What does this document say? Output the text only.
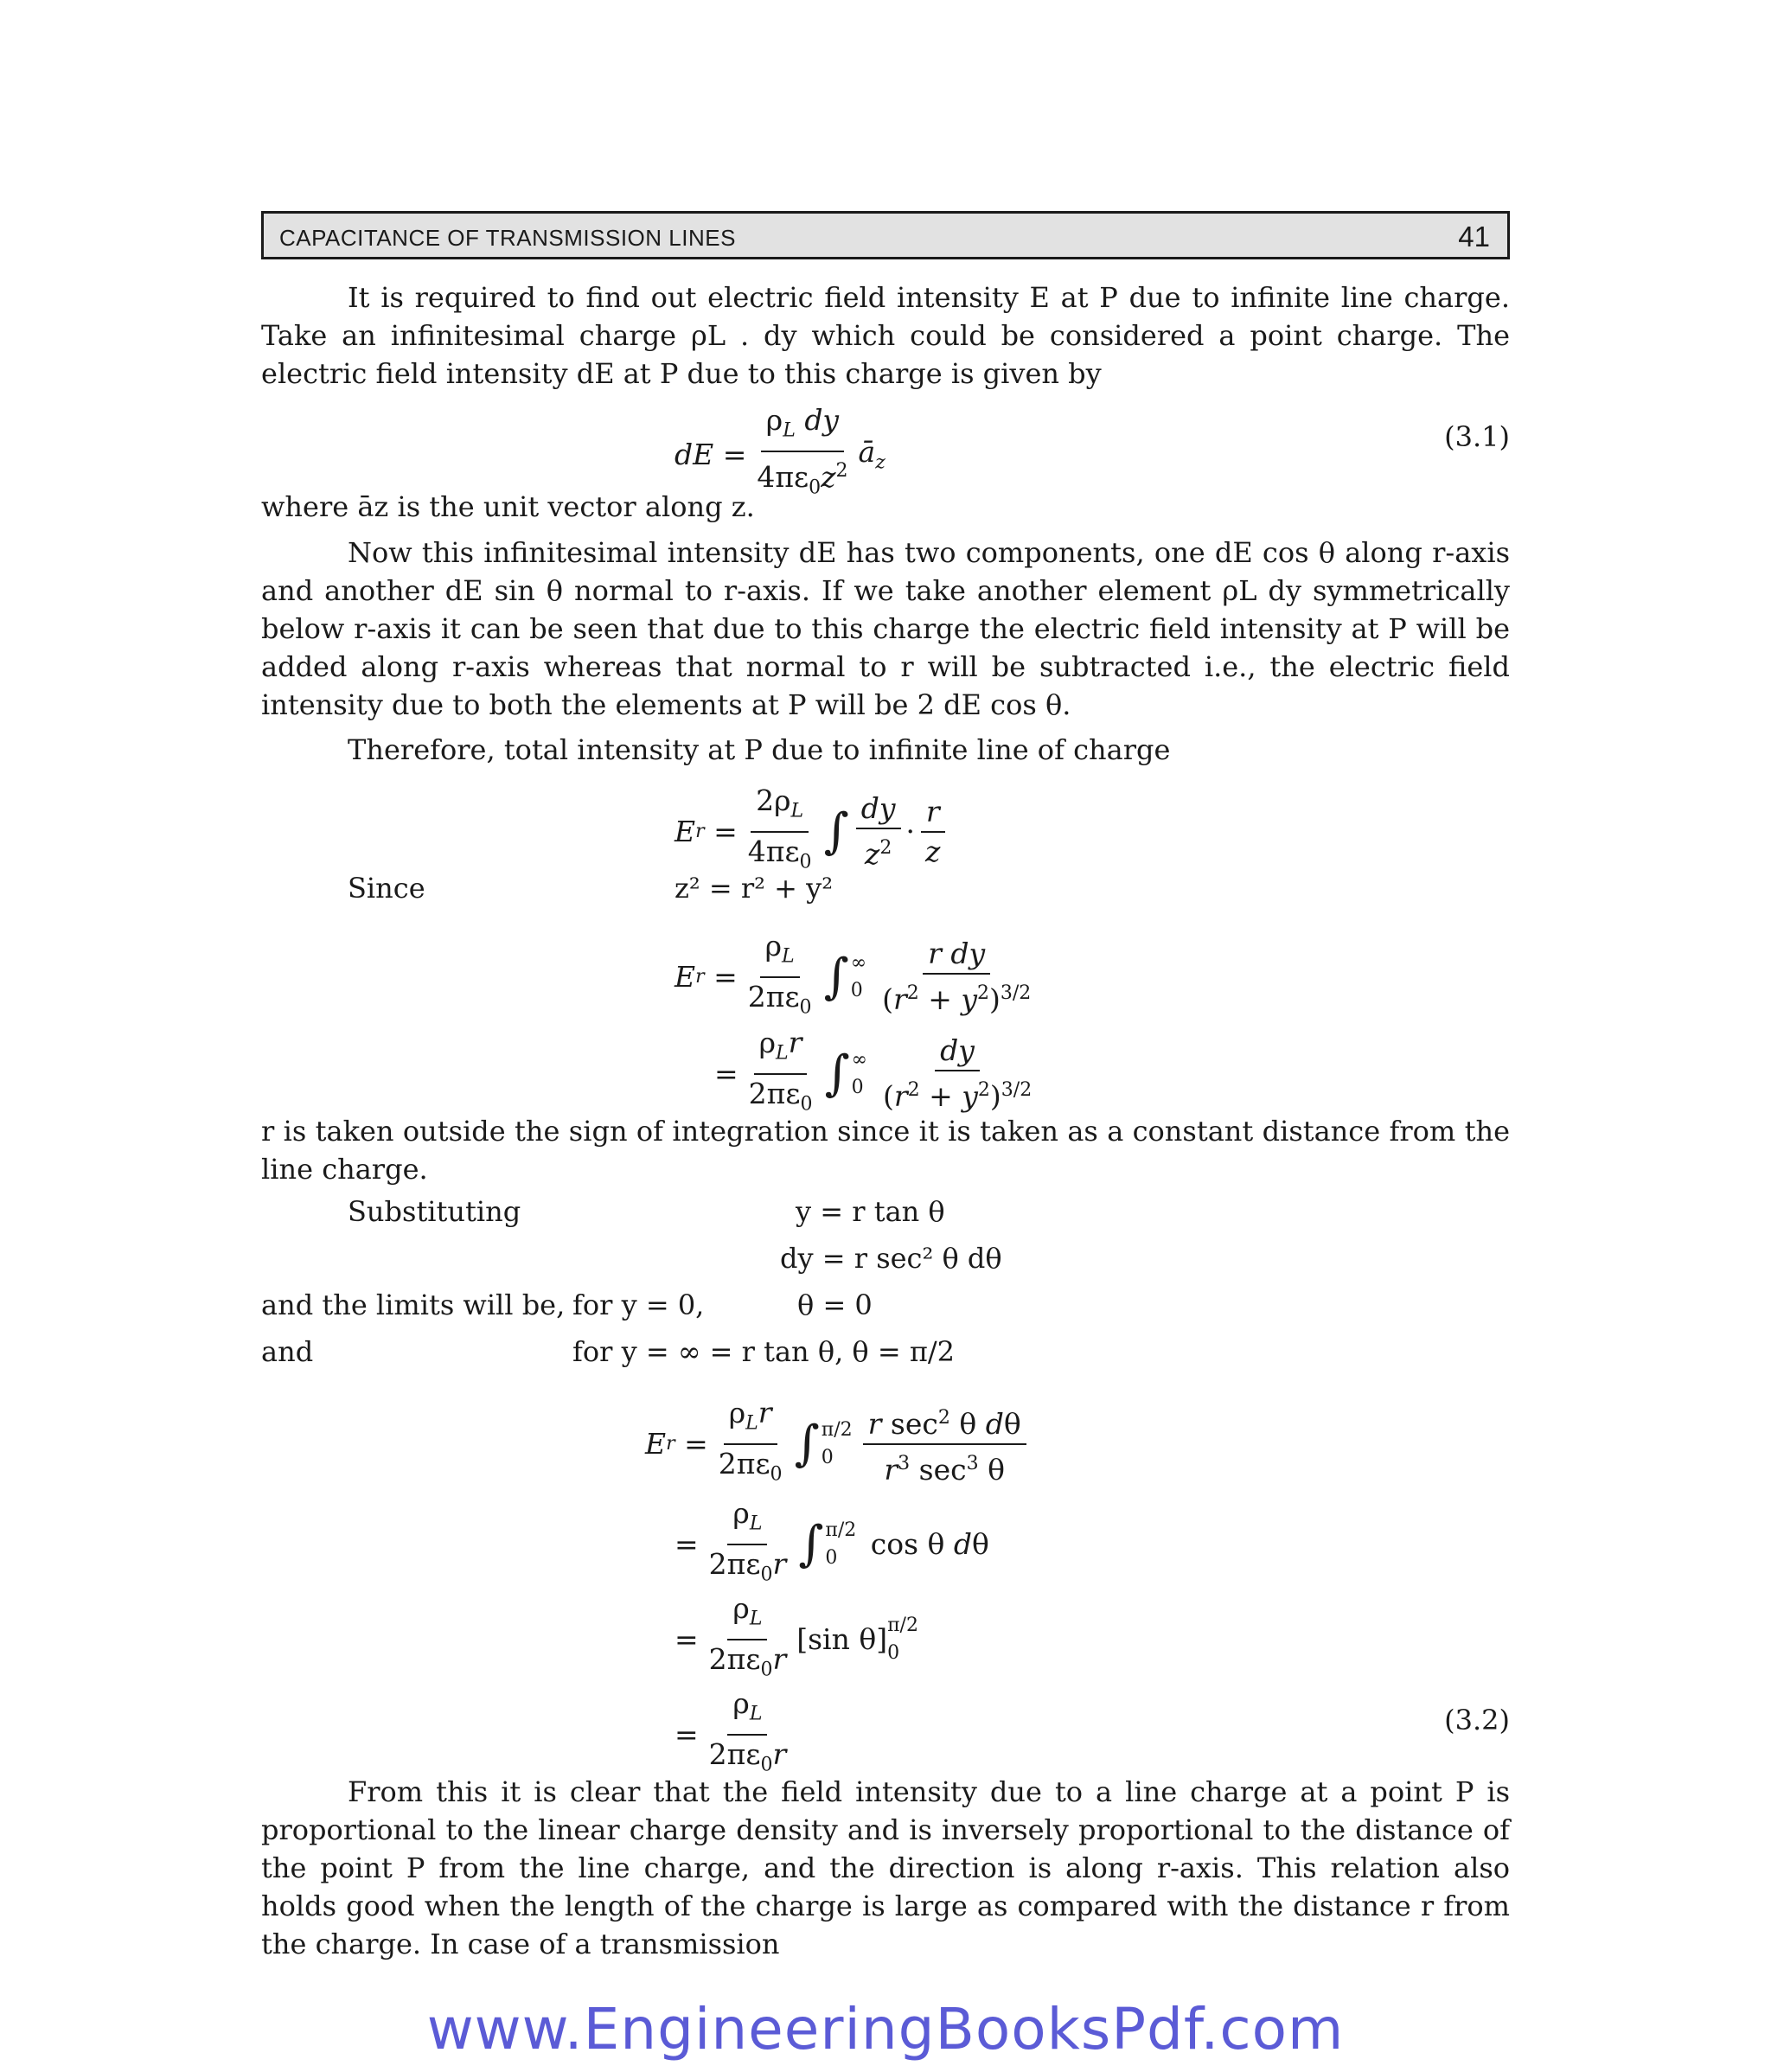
CAPACITANCE OF TRANSMISSION LINES	41

It is required to find out electric field intensity E at P due to infinite line charge. Take an infinitesimal charge ρL . dy which could be considered a point charge. The electric field intensity dE at P due to this charge is given by

dE = $\frac{\rho_L dy}{4\pi\varepsilon_0z^2}$ $ā_z$
(3.1)

where āz is the unit vector along z.

Now this infinitesimal intensity dE has two components, one dE cos θ along r-axis and another dE sin θ normal to r-axis. If we take another element ρL dy symmetrically below r-axis it can be seen that due to this charge the electric field intensity at P will be added along r-axis whereas that normal to r will be subtracted i.e., the electric field intensity due to both the elements at P will be 2 dE cos θ.

Therefore, total intensity at P due to infinite line of charge

E $r = \frac{2\rho_L}{4\pi\varepsilon_0}$ ∫ $\frac{dy}{z^2} \cdot \frac{r}{z}$
Since	z² = r² + y²
E $r = \frac{\rho_L}{2\pi\varepsilon_0}$ ∫ ∞
$0 \frac{\text{r dy}}{(r^2 + y^2)^{3/2}}$
= $\frac{\rho_Lr}{2\pi\varepsilon_0}$ ∫ ∞
$0 \frac{dy}{(r^2 + y^2)^{3/2}}$

r is taken outside the sign of integration since it is taken as a constant distance from the line charge.

Substituting	y = r tan θ
dy = r sec² θ dθ
and the limits will be, for y = 0,	θ = 0
and	for y = ∞ = r tan θ, θ = π/2
E $r = \frac{\rho_Lr}{2\pi\varepsilon_0}$ ∫ π/2
0	$\frac{r \sec^2 \theta d\theta}{r^3 \sec^3 \theta}$
= $\frac{\rho_L}{2\pi\varepsilon_0r}$ ∫ π/2
0 cos θ dθ
= $\frac{\rho_L}{2\pi\varepsilon_0r} [\sin$ θ] π/2
0
= $\frac{\rho_L}{2\pi\varepsilon_0r}$	(3.2)

From this it is clear that the field intensity due to a line charge at a point P is proportional to the linear charge density and is inversely proportional to the distance of the point P from the line charge, and the direction is along r-axis. This relation also holds good when the length of the charge is large as compared with the distance r from the charge. In case of a transmission

www.EngineeringBooksPdf.com
